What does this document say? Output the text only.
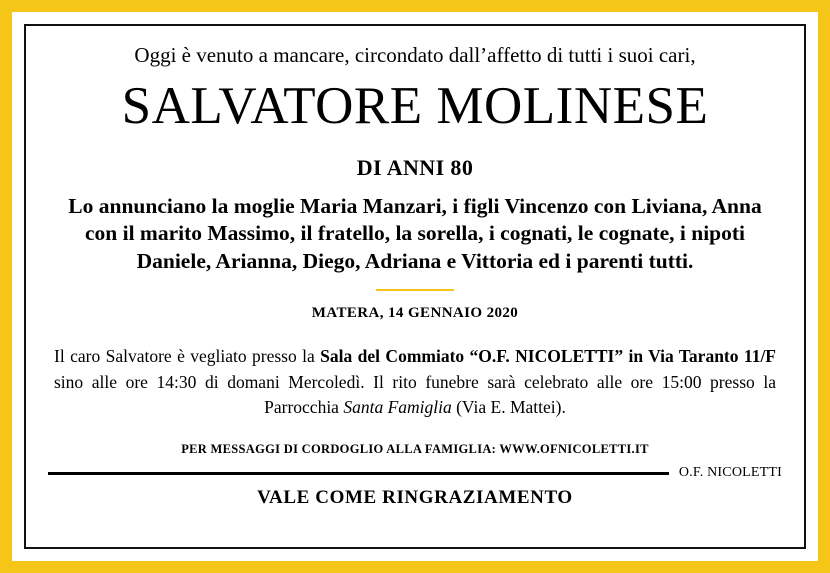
Oggi è venuto a mancare, circondato dall’affetto di tutti i suoi cari,
SALVATORE MOLINESE
DI ANNI 80
Lo annunciano la moglie Maria Manzari, i figli Vincenzo con Liviana, Anna con il marito Massimo, il fratello, la sorella, i cognati, le cognate, i nipoti Daniele, Arianna, Diego, Adriana e Vittoria ed i parenti tutti.
MATERA, 14 GENNAIO 2020
Il caro Salvatore è vegliato presso la Sala del Commiato “O.F. NICOLETTI” in Via Taranto 11/F sino alle ore 14:30 di domani Mercoledì. Il rito funebre sarà celebrato alle ore 15:00 presso la Parrocchia Santa Famiglia (Via E. Mattei).
PER MESSAGGI DI CORDOGLIO ALLA FAMIGLIA: WWW.OFNICOLETTI.IT
O.F. NICOLETTI
VALE COME RINGRAZIAMENTO
